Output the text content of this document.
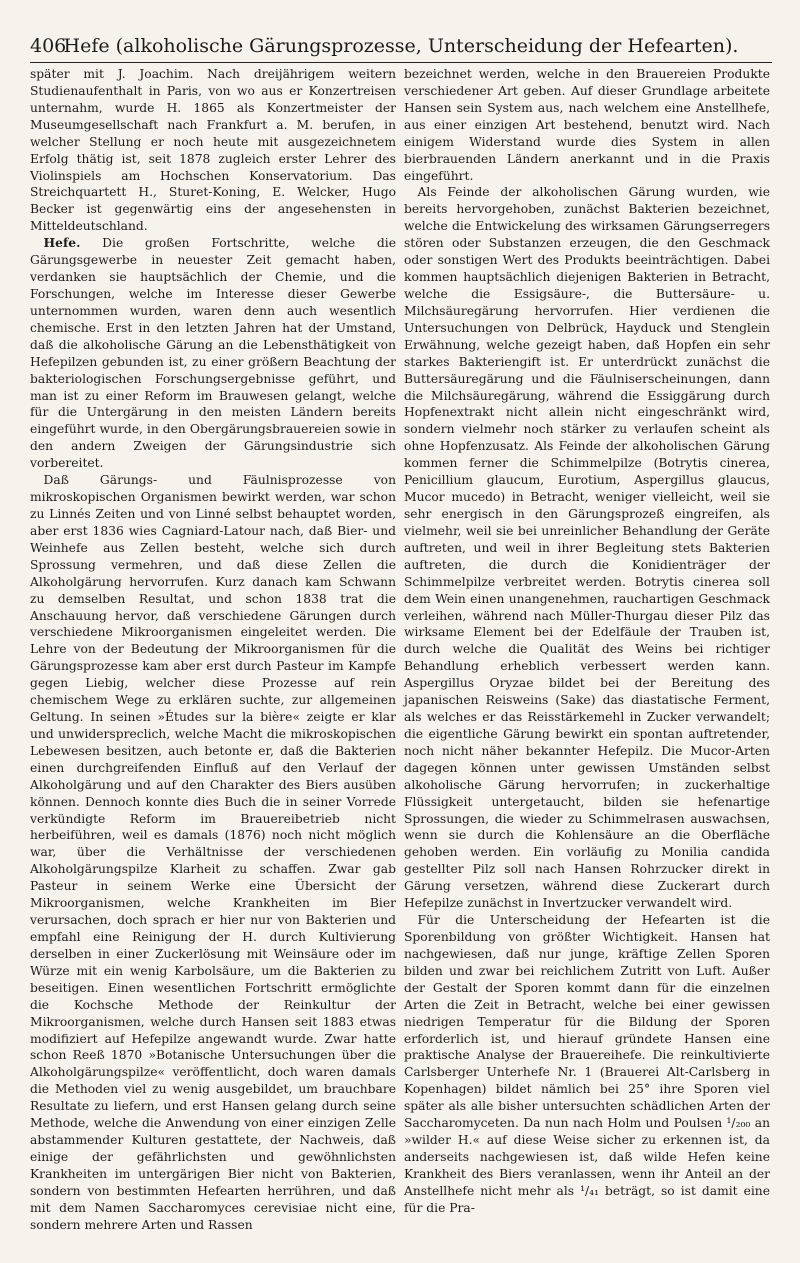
406
Hefe (alkoholische Gärungsprozesse, Unterscheidung der Hefearten).

später mit J. Joachim. Nach dreijährigem weitern Studienaufenthalt in Paris, von wo aus er Konzertreisen unternahm, wurde H. 1865 als Konzertmeister der Museumgesellschaft nach Frankfurt a. M. berufen, in welcher Stellung er noch heute mit ausgezeichnetem Erfolg thätig ist, seit 1878 zugleich erster Lehrer des Violinspiels am Hochschen Konservatorium. Das Streichquartett H., Sturet-Koning, E. Welcker, Hugo Becker ist gegenwärtig eins der angesehensten in Mitteldeutschland.

Hefe. Die großen Fortschritte, welche die Gärungsgewerbe in neuester Zeit gemacht haben, verdanken sie hauptsächlich der Chemie, und die Forschungen, welche im Interesse dieser Gewerbe unternommen wurden, waren denn auch wesentlich chemische. Erst in den letzten Jahren hat der Umstand, daß die alkoholische Gärung an die Lebensthätigkeit von Hefepilzen gebunden ist, zu einer größern Beachtung der bakteriologischen Forschungsergebnisse geführt, und man ist zu einer Reform im Brauwesen gelangt, welche für die Untergärung in den meisten Ländern bereits eingeführt wurde, in den Obergärungsbrauereien sowie in den andern Zweigen der Gärungsindustrie sich vorbereitet.

Daß Gärungs- und Fäulnisprozesse von mikroskopischen Organismen bewirkt werden, war schon zu Linnés Zeiten und von Linné selbst behauptet worden, aber erst 1836 wies Cagniard-Latour nach, daß Bier- und Weinhefe aus Zellen besteht, welche sich durch Sprossung vermehren, und daß diese Zellen die Alkoholgärung hervorrufen. Kurz danach kam Schwann zu demselben Resultat, und schon 1838 trat die Anschauung hervor, daß verschiedene Gärungen durch verschiedene Mikroorganismen eingeleitet werden. Die Lehre von der Bedeutung der Mikroorganismen für die Gärungsprozesse kam aber erst durch Pasteur im Kampfe gegen Liebig, welcher diese Prozesse auf rein chemischem Wege zu erklären suchte, zur allgemeinen Geltung. In seinen »Études sur la bière« zeigte er klar und unwiderspreclich, welche Macht die mikroskopischen Lebewesen besitzen, auch betonte er, daß die Bakterien einen durchgreifenden Einfluß auf den Verlauf der Alkoholgärung und auf den Charakter des Biers ausüben können. Dennoch konnte dies Buch die in seiner Vorrede verkündigte Reform im Brauereibetrieb nicht herbeiführen, weil es damals (1876) noch nicht möglich war, über die Verhältnisse der verschiedenen Alkoholgärungspilze Klarheit zu schaffen. Zwar gab Pasteur in seinem Werke eine Übersicht der Mikroorganismen, welche Krankheiten im Bier verursachen, doch sprach er hier nur von Bakterien und empfahl eine Reinigung der H. durch Kultivierung derselben in einer Zuckerlösung mit Weinsäure oder im Würze mit ein wenig Karbolsäure, um die Bakterien zu beseitigen. Einen wesentlichen Fortschritt ermöglichte die Kochsche Methode der Reinkultur der Mikroorganismen, welche durch Hansen seit 1883 etwas modifiziert auf Hefepilze angewandt wurde. Zwar hatte schon Reeß 1870 »Botanische Untersuchungen über die Alkoholgärungspilze« veröffentlicht, doch waren damals die Methoden viel zu wenig ausgebildet, um brauchbare Resultate zu liefern, und erst Hansen gelang durch seine Methode, welche die Anwendung von einer einzigen Zelle abstammender Kulturen gestattete, der Nachweis, daß einige der gefährlichsten und gewöhnlichsten Krankheiten im untergärigen Bier nicht von Bakterien, sondern von bestimmten Hefearten herrühren, und daß mit dem Namen Saccharomyces cerevisiae nicht eine, sondern mehrere Arten und Rassen

bezeichnet werden, welche in den Brauereien Produkte verschiedener Art geben. Auf dieser Grundlage arbeitete Hansen sein System aus, nach welchem eine Anstellhefe, aus einer einzigen Art bestehend, benutzt wird. Nach einigem Widerstand wurde dies System in allen bierbrauenden Ländern anerkannt und in die Praxis eingeführt.

Als Feinde der alkoholischen Gärung wurden, wie bereits hervorgehoben, zunächst Bakterien bezeichnet, welche die Entwickelung des wirksamen Gärungserregers stören oder Substanzen erzeugen, die den Geschmack oder sonstigen Wert des Produkts beeinträchtigen. Dabei kommen hauptsächlich diejenigen Bakterien in Betracht, welche die Essigsäure-, die Buttersäure- u. Milchsäuregärung hervorrufen. Hier verdienen die Untersuchungen von Delbrück, Hayduck und Stenglein Erwähnung, welche gezeigt haben, daß Hopfen ein sehr starkes Bakteriengift ist. Er unterdrückt zunächst die Buttersäuregärung und die Fäulniserscheinungen, dann die Milchsäuregärung, während die Essiggärung durch Hopfenextrakt nicht allein nicht eingeschränkt wird, sondern vielmehr noch stärker zu verlaufen scheint als ohne Hopfenzusatz. Als Feinde der alkoholischen Gärung kommen ferner die Schimmelpilze (Botrytis cinerea, Penicillium glaucum, Eurotium, Aspergillus glaucus, Mucor mucedo) in Betracht, weniger vielleicht, weil sie sehr energisch in den Gärungsprozeß eingreifen, als vielmehr, weil sie bei unreinlicher Behandlung der Geräte auftreten, und weil in ihrer Begleitung stets Bakterien auftreten, die durch die Konidienträger der Schimmelpilze verbreitet werden. Botrytis cinerea soll dem Wein einen unangenehmen, rauchartigen Geschmack verleihen, während nach Müller-Thurgau dieser Pilz das wirksame Element bei der Edelfäule der Trauben ist, durch welche die Qualität des Weins bei richtiger Behandlung erheblich verbessert werden kann. Aspergillus Oryzae bildet bei der Bereitung des japanischen Reisweins (Sake) das diastatische Ferment, als welches er das Reisstärkemehl in Zucker verwandelt; die eigentliche Gärung bewirkt ein spontan auftretender, noch nicht näher bekannter Hefepilz. Die Mucor-Arten dagegen können unter gewissen Umständen selbst alkoholische Gärung hervorrufen; in zuckerhaltige Flüssigkeit untergetaucht, bilden sie hefenartige Sprossungen, die wieder zu Schimmelrasen auswachsen, wenn sie durch die Kohlensäure an die Oberfläche gehoben werden. Ein vorläufig zu Monilia candida gestellter Pilz soll nach Hansen Rohrzucker direkt in Gärung versetzen, während diese Zuckerart durch Hefepilze zunächst in Invertzucker verwandelt wird.

Für die Unterscheidung der Hefearten ist die Sporenbildung von größter Wichtigkeit. Hansen hat nachgewiesen, daß nur junge, kräftige Zellen Sporen bilden und zwar bei reichlichem Zutritt von Luft. Außer der Gestalt der Sporen kommt dann für die einzelnen Arten die Zeit in Betracht, welche bei einer gewissen niedrigen Temperatur für die Bildung der Sporen erforderlich ist, und hierauf gründete Hansen eine praktische Analyse der Brauereihefe. Die reinkultivierte Carlsberger Unterhefe Nr. 1 (Brauerei Alt-Carlsberg in Kopenhagen) bildet nämlich bei 25° ihre Sporen viel später als alle bisher untersuchten schädlichen Arten der Saccharomyceten. Da nun nach Holm und Poulsen ¹/₂₀₀ an »wilder H.« auf diese Weise sicher zu erkennen ist, da anderseits nachgewiesen ist, daß wilde Hefen keine Krankheit des Biers veranlassen, wenn ihr Anteil an der Anstellhefe nicht mehr als ¹/₄₁ beträgt, so ist damit eine für die Pra-
